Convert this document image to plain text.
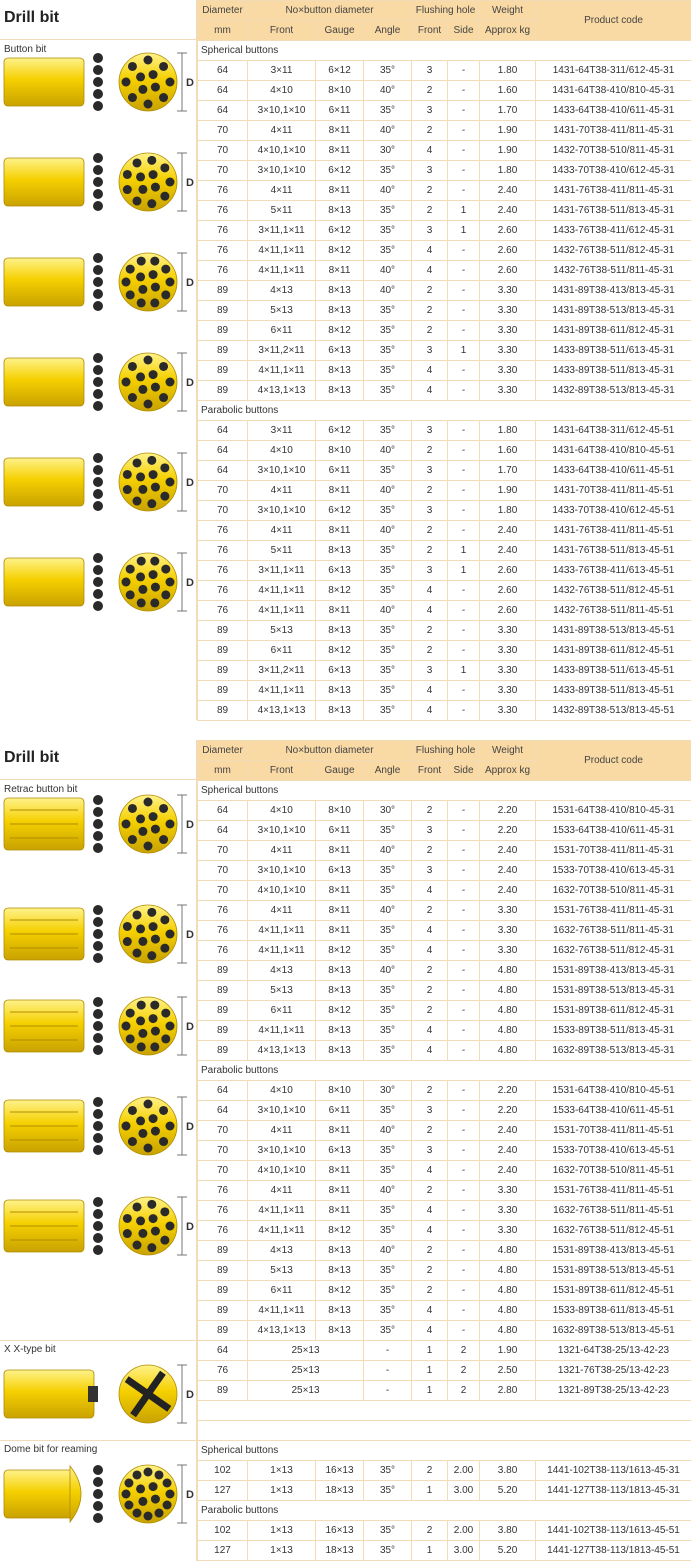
Drill bit
Button bit
D
D
D
D
D
D
Diameter	No×button diameter			Flushing hole		Weight	Product code
mm	Front	Gauge	Angle	Front	Side	Approx kg	
Spherical buttons							
64	3×11	6×12	35°	3	-	1.80	1431-64T38-311/612-45-31
64	4×10	8×10	40°	2	-	1.60	1431-64T38-410/810-45-31
64	3×10,1×10	6×11	35°	3	-	1.70	1433-64T38-410/611-45-31
70	4×11	8×11	40°	2	-	1.90	1431-70T38-411/811-45-31
70	4×10,1×10	8×11	30°	4	-	1.90	1432-70T38-510/811-45-31
70	3×10,1×10	6×12	35°	3	-	1.80	1433-70T38-410/612-45-31
76	4×11	8×11	40°	2	-	2.40	1431-76T38-411/811-45-31
76	5×11	8×13	35°	2	1	2.40	1431-76T38-511/813-45-31
76	3×11,1×11	6×12	35°	3	1	2.60	1433-76T38-411/612-45-31
76	4×11,1×11	8×12	35°	4	-	2.60	1432-76T38-511/812-45-31
76	4×11,1×11	8×11	40°	4	-	2.60	1432-76T38-511/811-45-31
89	4×13	8×13	40°	2	-	3.30	1431-89T38-413/813-45-31
89	5×13	8×13	35°	2	-	3.30	1431-89T38-513/813-45-31
89	6×11	8×12	35°	2	-	3.30	1431-89T38-611/812-45-31
89	3×11,2×11	6×13	35°	3	1	3.30	1433-89T38-511/613-45-31
89	4×11,1×11	8×13	35°	4	-	3.30	1433-89T38-511/813-45-31
89	4×13,1×13	8×13	35°	4	-	3.30	1432-89T38-513/813-45-31
Parabolic buttons							
64	3×11	6×12	35°	3	-	1.80	1431-64T38-311/612-45-51
64	4×10	8×10	40°	2	-	1.60	1431-64T38-410/810-45-51
64	3×10,1×10	6×11	35°	3	-	1.70	1433-64T38-410/611-45-51
70	4×11	8×11	40°	2	-	1.90	1431-70T38-411/811-45-51
70	3×10,1×10	6×12	35°	3	-	1.80	1433-70T38-410/612-45-51
76	4×11	8×11	40°	2	-	2.40	1431-76T38-411/811-45-51
76	5×11	8×13	35°	2	1	2.40	1431-76T38-511/813-45-51
76	3×11,1×11	6×13	35°	3	1	2.60	1433-76T38-411/613-45-51
76	4×11,1×11	8×12	35°	4	-	2.60	1432-76T38-511/812-45-51
76	4×11,1×11	8×11	40°	4	-	2.60	1432-76T38-511/811-45-51
89	5×13	8×13	35°	2	-	3.30	1431-89T38-513/813-45-51
89	6×11	8×12	35°	2	-	3.30	1431-89T38-611/812-45-51
89	3×11,2×11	6×13	35°	3	1	3.30	1433-89T38-511/613-45-51
89	4×11,1×11	8×13	35°	4	-	3.30	1433-89T38-511/813-45-51
89	4×13,1×13	8×13	35°	4	-	3.30	1432-89T38-513/813-45-51
Drill bit
Retrac button bit
X X-type bit
Dome bit for reaming
D
D
D
D
D
D
D
Diameter	No×button diameter			Flushing hole		Weight	Product code
mm	Front	Gauge	Angle	Front	Side	Approx kg	
Spherical buttons							
64	4×10	8×10	30°	2	-	2.20	1531-64T38-410/810-45-31
64	3×10,1×10	6×11	35°	3	-	2.20	1533-64T38-410/611-45-31
70	4×11	8×11	40°	2	-	2.40	1531-70T38-411/811-45-31
70	3×10,1×10	6×13	35°	3	-	2.40	1533-70T38-410/613-45-31
70	4×10,1×10	8×11	35°	4	-	2.40	1632-70T38-510/811-45-31
76	4×11	8×11	40°	2	-	3.30	1531-76T38-411/811-45-31
76	4×11,1×11	8×11	35°	4	-	3.30	1632-76T38-511/811-45-31
76	4×11,1×11	8×12	35°	4	-	3.30	1632-76T38-511/812-45-31
89	4×13	8×13	40°	2	-	4.80	1531-89T38-413/813-45-31
89	5×13	8×13	35°	2	-	4.80	1531-89T38-513/813-45-31
89	6×11	8×12	35°	2	-	4.80	1531-89T38-611/812-45-31
89	4×11,1×11	8×13	35°	4	-	4.80	1533-89T38-511/813-45-31
89	4×13,1×13	8×13	35°	4	-	4.80	1632-89T38-513/813-45-31
Parabolic buttons							
64	4×10	8×10	30°	2	-	2.20	1531-64T38-410/810-45-51
64	3×10,1×10	6×11	35°	3	-	2.20	1533-64T38-410/611-45-51
70	4×11	8×11	40°	2	-	2.40	1531-70T38-411/811-45-51
70	3×10,1×10	6×13	35°	3	-	2.40	1533-70T38-410/613-45-51
70	4×10,1×10	8×11	35°	4	-	2.40	1632-70T38-510/811-45-51
76	4×11	8×11	40°	2	-	3.30	1531-76T38-411/811-45-51
76	4×11,1×11	8×11	35°	4	-	3.30	1632-76T38-511/811-45-51
76	4×11,1×11	8×12	35°	4	-	3.30	1632-76T38-511/812-45-51
89	4×13	8×13	40°	2	-	4.80	1531-89T38-413/813-45-51
89	5×13	8×13	35°	2	-	4.80	1531-89T38-513/813-45-51
89	6×11	8×12	35°	2	-	4.80	1531-89T38-611/812-45-51
89	4×11,1×11	8×13	35°	4	-	4.80	1533-89T38-611/813-45-51
89	4×13,1×13	8×13	35°	4	-	4.80	1632-89T38-513/813-45-51
64	25×13		-	1	2	1.90	1321-64T38-25/13-42-23
76	25×13		-	1	2	2.50	1321-76T38-25/13-42-23
89	25×13		-	1	2	2.80	1321-89T38-25/13-42-23

Spherical buttons							
102	1×13	16×13	35°	2	2.00	3.80	1441-102T38-113/1613-45-31
127	1×13	18×13	35°	1	3.00	5.20	1441-127T38-113/1813-45-31
Parabolic buttons							
102	1×13	16×13	35°	2	2.00	3.80	1441-102T38-113/1613-45-51
127	1×13	18×13	35°	1	3.00	5.20	1441-127T38-113/1813-45-51
